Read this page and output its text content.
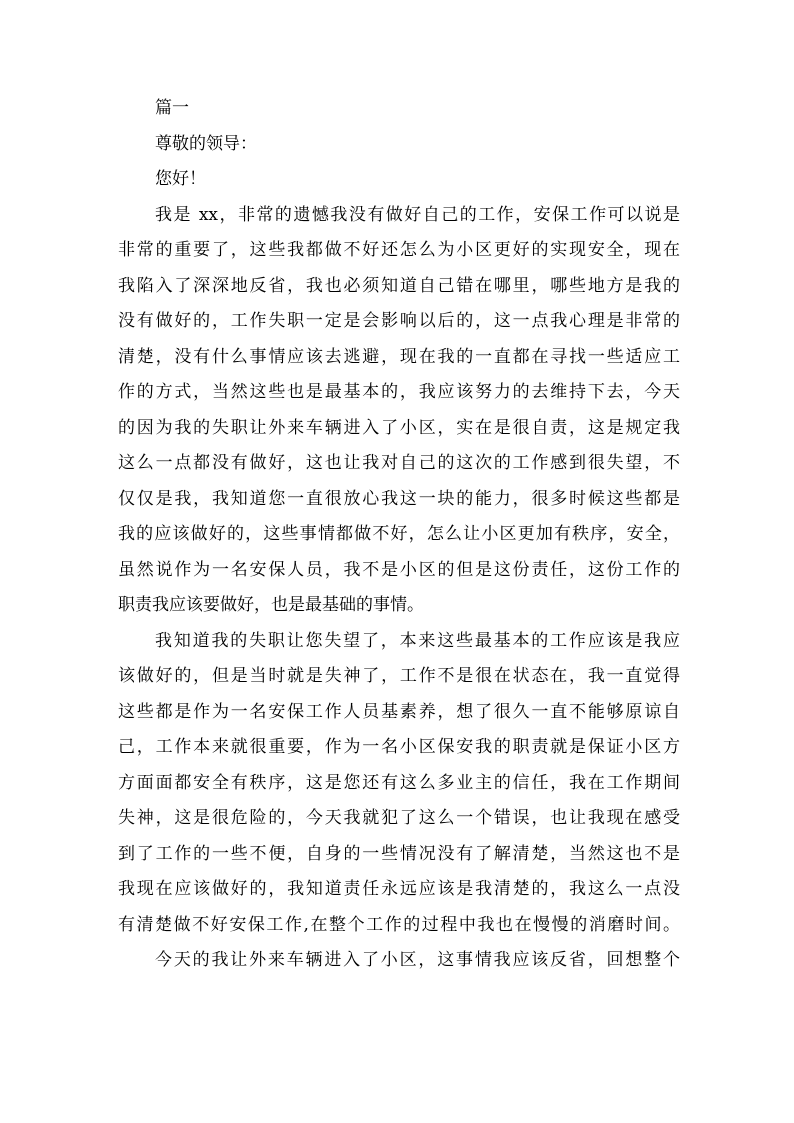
篇一
尊敬的领导：
您好！
我是 xx，非常的遗憾我没有做好自己的工作，安保工作可以说是
非常的重要了，这些我都做不好还怎么为小区更好的实现安全，现在
我陷入了深深地反省，我也必须知道自己错在哪里，哪些地方是我的
没有做好的，工作失职一定是会影响以后的，这一点我心理是非常的
清楚，没有什么事情应该去逃避，现在我的一直都在寻找一些适应工
作的方式，当然这些也是最基本的，我应该努力的去维持下去，今天
的因为我的失职让外来车辆进入了小区，实在是很自责，这是规定我
这么一点都没有做好，这也让我对自己的这次的工作感到很失望，不
仅仅是我，我知道您一直很放心我这一块的能力，很多时候这些都是
我的应该做好的，这些事情都做不好，怎么让小区更加有秩序，安全，
虽然说作为一名安保人员，我不是小区的但是这份责任，这份工作的
职责我应该要做好，也是最基础的事情。
我知道我的失职让您失望了，本来这些最基本的工作应该是我应
该做好的，但是当时就是失神了，工作不是很在状态在，我一直觉得
这些都是作为一名安保工作人员基素养，想了很久一直不能够原谅自
己，工作本来就很重要，作为一名小区保安我的职责就是保证小区方
方面面都安全有秩序，这是您还有这么多业主的信任，我在工作期间
失神，这是很危险的，今天我就犯了这么一个错误，也让我现在感受
到了工作的一些不便，自身的一些情况没有了解清楚，当然这也不是
我现在应该做好的，我知道责任永远应该是我清楚的，我这么一点没
有清楚做不好安保工作,在整个工作的过程中我也在慢慢的消磨时间。
今天的我让外来车辆进入了小区，这事情我应该反省，回想整个
